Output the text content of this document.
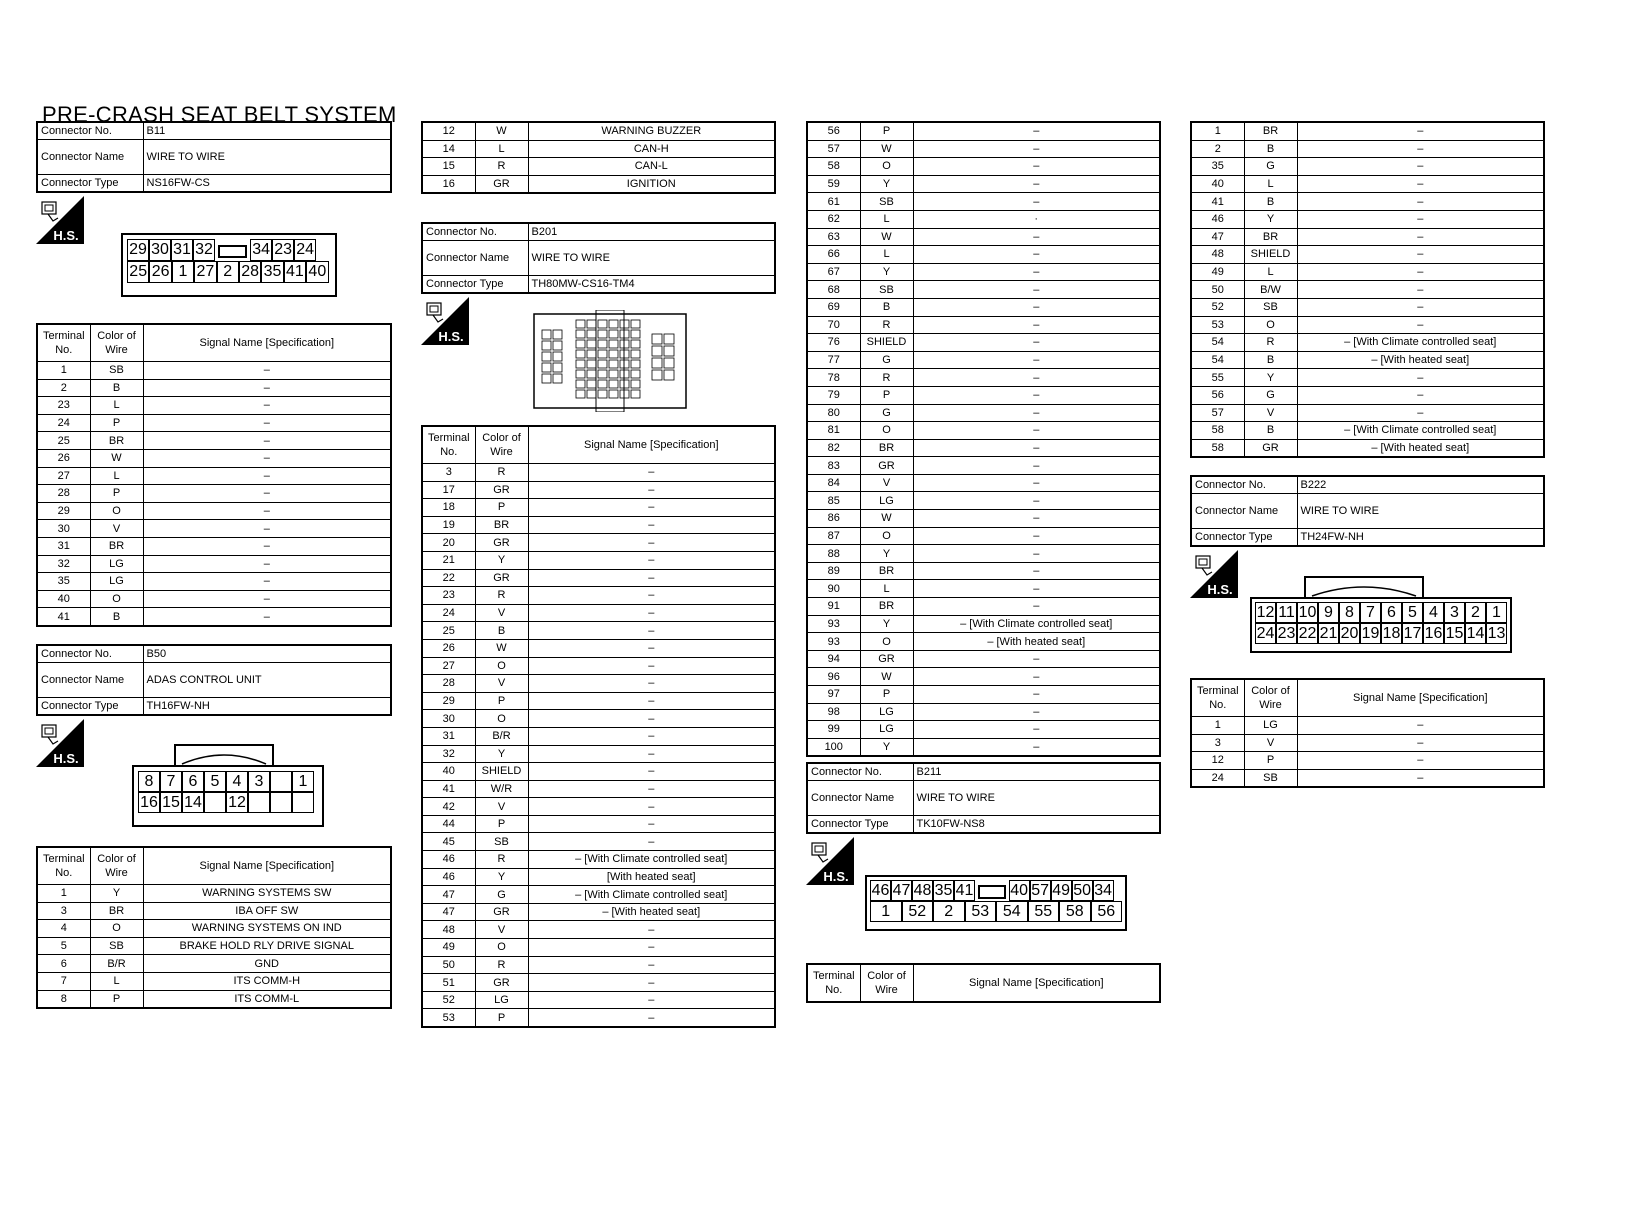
PRE-CRASH SEAT BELT SYSTEM
Connector No.	B11
Connector Name	WIRE TO WIRE
Connector Type	NS16FW-CS
H.S.
29 30 31 32 34 23 24
25 26 1 27 2 28 35 41 40
Terminal No.	Color of Wire	Signal Name [Specification]
1	SB	–
2	B	–
23	L	–
24	P	–
25	BR	–
26	W	–
27	L	–
28	P	–
29	O	–
30	V	–
31	BR	–
32	LG	–
35	LG	–
40	O	–
41	B	–
Connector No.	B50
Connector Name	ADAS CONTROL UNIT
Connector Type	TH16FW-NH
H.S.
8 7 6 5 4 3	1
16 15 14 12
Terminal No.	Color of Wire	Signal Name [Specification]
1	Y	WARNING SYSTEMS SW
3	BR	IBA OFF SW
4	O	WARNING SYSTEMS ON IND
5	SB	BRAKE HOLD RLY DRIVE SIGNAL
6	B/R	GND
7	L	ITS COMM-H
8	P	ITS COMM-L
12	W	WARNING BUZZER
14	L	CAN-H
15	R	CAN-L
16	GR	IGNITION
Connector No.	B201
Connector Name	WIRE TO WIRE
Connector Type	TH80MW-CS16-TM4
H.S.
Terminal No.	Color of Wire	Signal Name [Specification]
3	R	–
17	GR	–
18	P	–
19	BR	–
20	GR	–
21	Y	–
22	GR	–
23	R	–
24	V	–
25	B	–
26	W	–
27	O	–
28	V	–
29	P	–
30	O	–
31	B/R	–
32	Y	–
40	SHIELD	–
41	W/R	–
42	V	–
44	P	–
45	SB	–
46	R	– [With Climate controlled seat]
46	Y	[With heated seat]
47	G	– [With Climate controlled seat]
47	GR	– [With heated seat]
48	V	–
49	O	–
50	R	–
51	GR	–
52	LG	–
53	P	–
56	P	–
57	W	–
58	O	–
59	Y	–
61	SB	–
62	L	·
63	W	–
66	L	–
67	Y	–
68	SB	–
69	B	–
70	R	–
76	SHIELD	–
77	G	–
78	R	–
79	P	–
80	G	–
81	O	–
82	BR	–
83	GR	–
84	V	–
85	LG	–
86	W	–
87	O	–
88	Y	–
89	BR	–
90	L	–
91	BR	–
93	Y	– [With Climate controlled seat]
93	O	– [With heated seat]
94	GR	–
96	W	–
97	P	–
98	LG	–
99	LG	–
100	Y	–
Connector No.	B211
Connector Name	WIRE TO WIRE
Connector Type	TK10FW-NS8
H.S.
46 47 48 35 41 40 57 49 50 34
1	52	2	53 54 55 58 56
Terminal No.	Color of Wire	Signal Name [Specification]
1	BR	–
2	B	–
35	G	–
40	L	–
41	B	–
46	Y	–
47	BR	–
48	SHIELD	–
49	L	–
50	B/W	–
52	SB	–
53	O	–
54	R	– [With Climate controlled seat]
54	B	– [With heated seat]
55	Y	–
56	G	–
57	V	–
58	B	– [With Climate controlled seat]
58	GR	– [With heated seat]
Connector No.	B222
Connector Name	WIRE TO WIRE
Connector Type	TH24FW-NH
H.S.
12 11 10 9 8 7 6 5 4 3 2 1
24 23 22 21 20 19 18 17 16 15 14 13
Terminal No.	Color of Wire	Signal Name [Specification]
1	LG	–
3	V	–
12	P	–
24	SB	–
